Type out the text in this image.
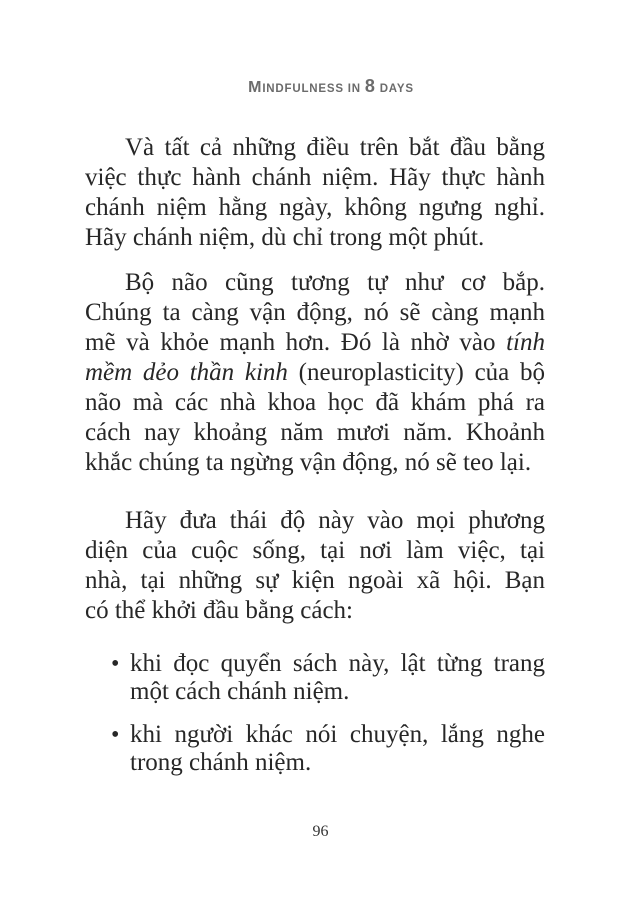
MINDFULNESS IN 8 DAYS

Và tất cả những điều trên bắt đầu bằng
việc thực hành chánh niệm. Hãy thực hành
chánh niệm hằng ngày, không ngưng nghỉ.
Hãy chánh niệm, dù chỉ trong một phút.
Bộ não cũng tương tự như cơ bắp.
Chúng ta càng vận động, nó sẽ càng mạnh
mẽ và khỏe mạnh hơn. Đó là nhờ vào tính
mềm dẻo thần kinh (neuroplasticity) của bộ
não mà các nhà khoa học đã khám phá ra
cách nay khoảng năm mươi năm. Khoảnh
khắc chúng ta ngừng vận động, nó sẽ teo lại.
Hãy đưa thái độ này vào mọi phương
diện của cuộc sống, tại nơi làm việc, tại
nhà, tại những sự kiện ngoài xã hội. Bạn
có thể khởi đầu bằng cách:
• khi đọc quyển sách này, lật từng trang
một cách chánh niệm.
• khi người khác nói chuyện, lắng nghe
trong chánh niệm.
96
